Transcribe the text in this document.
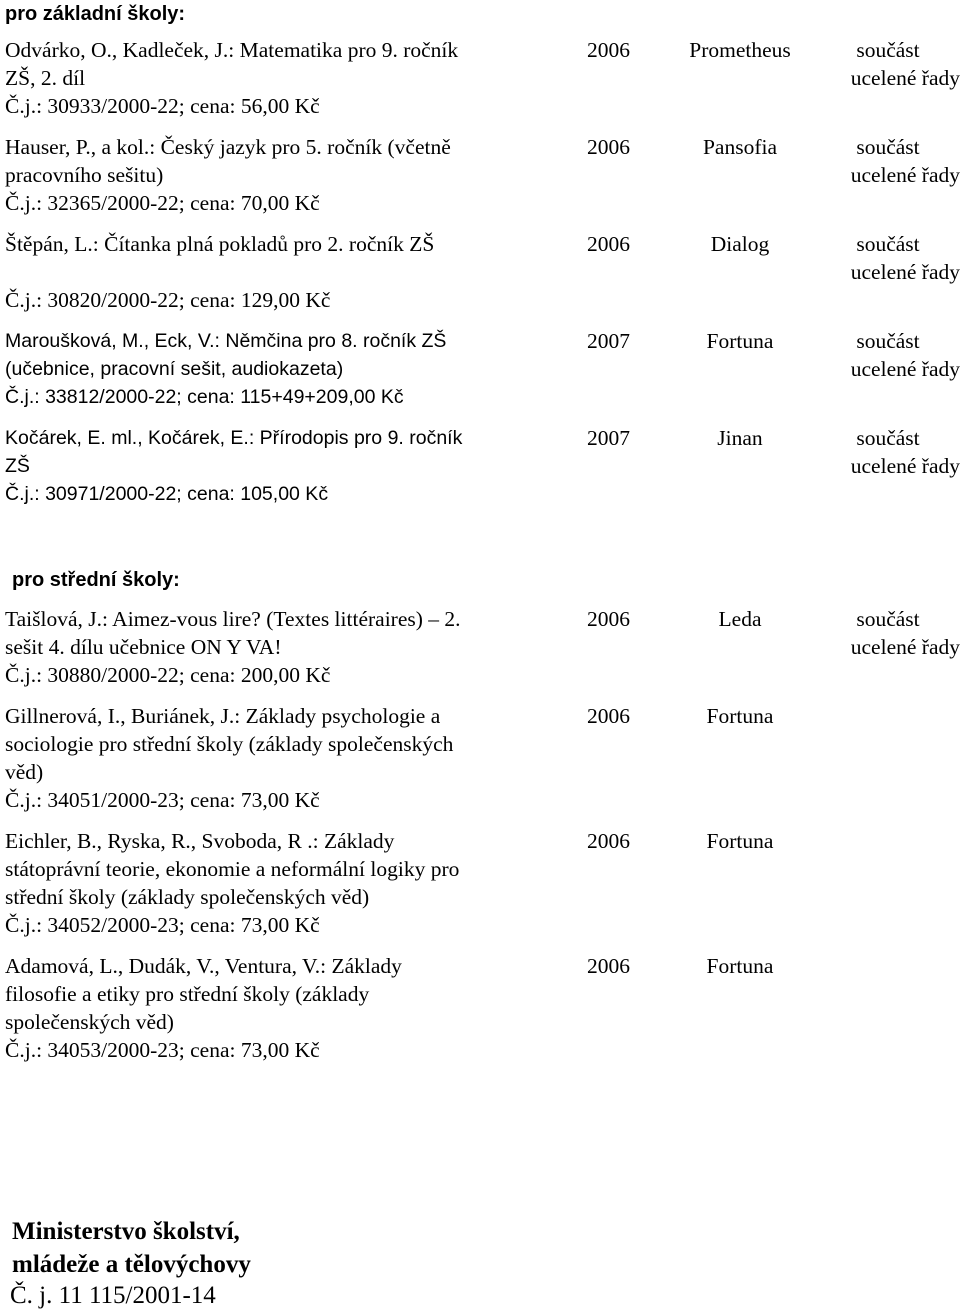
pro základní školy:
Odvárko, O., Kadleček, J.: Matematika pro 9. ročník
ZŠ, 2. díl
Č.j.: 30933/2000-22; cena: 56,00 Kč
2006	Prometheus	součást
ucelené řady
Hauser, P., a kol.: Český jazyk pro 5. ročník (včetně
pracovního sešitu)
Č.j.: 32365/2000-22; cena: 70,00 Kč
2006	Pansofia	součást
ucelené řady
Štěpán, L.: Čítanka plná pokladů pro 2. ročník ZŠ
Č.j.: 30820/2000-22; cena: 129,00 Kč
2006	Dialog	součást
ucelené řady
Maroušková, M., Eck, V.: Němčina pro 8. ročník ZŠ
(učebnice, pracovní sešit, audiokazeta)
Č.j.: 33812/2000-22; cena: 115+49+209,00 Kč
2007	Fortuna	součást
ucelené řady
Kočárek, E. ml., Kočárek, E.: Přírodopis pro 9. ročník
ZŠ
Č.j.: 30971/2000-22; cena: 105,00 Kč
2007	Jinan	součást
ucelené řady
pro střední školy:
Taišlová, J.: Aimez-vous lire? (Textes littéraires) – 2.
sešit 4. dílu učebnice ON Y VA!
Č.j.: 30880/2000-22; cena: 200,00 Kč
2006	Leda	součást
ucelené řady
Gillnerová, I., Buriánek, J.: Základy psychologie a
sociologie pro střední školy (základy společenských
věd)
Č.j.: 34051/2000-23; cena: 73,00 Kč
2006	Fortuna
Eichler, B., Ryska, R., Svoboda, R .: Základy
státoprávní teorie, ekonomie a neformální logiky pro
střední školy (základy společenských věd)
Č.j.: 34052/2000-23; cena: 73,00 Kč
2006	Fortuna
Adamová, L., Dudák, V., Ventura, V.: Základy
filosofie a etiky pro střední školy (základy
společenských věd)
Č.j.: 34053/2000-23; cena: 73,00 Kč
2006	Fortuna
Ministerstvo školství,
mládeže a tělovýchovy
Č. j. 11 115/2001-14
